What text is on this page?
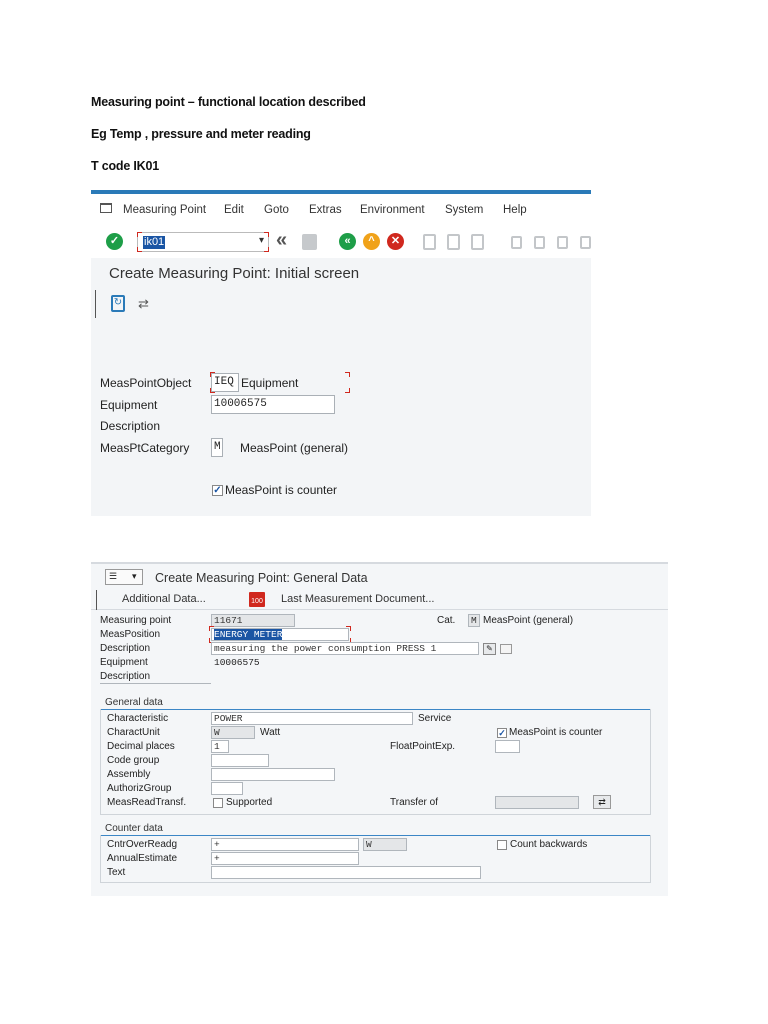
Measuring point – functional location described
Eg Temp , pressure and meter reading
T code IK01
Measuring Point Edit Goto Extras Environment System Help
✓	ik01	▾ «	«	^	✕
Create Measuring Point: Initial screen
↻ ⇄
MeasPointObject IEQ Equipment
Equipment	10006575
Description
MeasPtCategory M MeasPoint (general)
✓ MeasPoint is counter
☰ ▾ Create Measuring Point: General Data
Additional Data...	100 Last Measurement Document...
Measuring point	11671	Cat.	M MeasPoint (general)
MeasPosition	ENERGY METER
Description	measuring the power consumption PRESS 1	✎
Equipment	10006575
Description
General data
Characteristic	POWER	Service
CharactUnit	W	Watt	✓ MeasPoint is counter
Decimal places	1	FloatPointExp.
Code group
Assembly
AuthorizGroup
MeasReadTransf.	Supported	Transfer of	⇄
Counter data
CntrOverReadg	+	W	Count backwards
AnnualEstimate	+
Text
